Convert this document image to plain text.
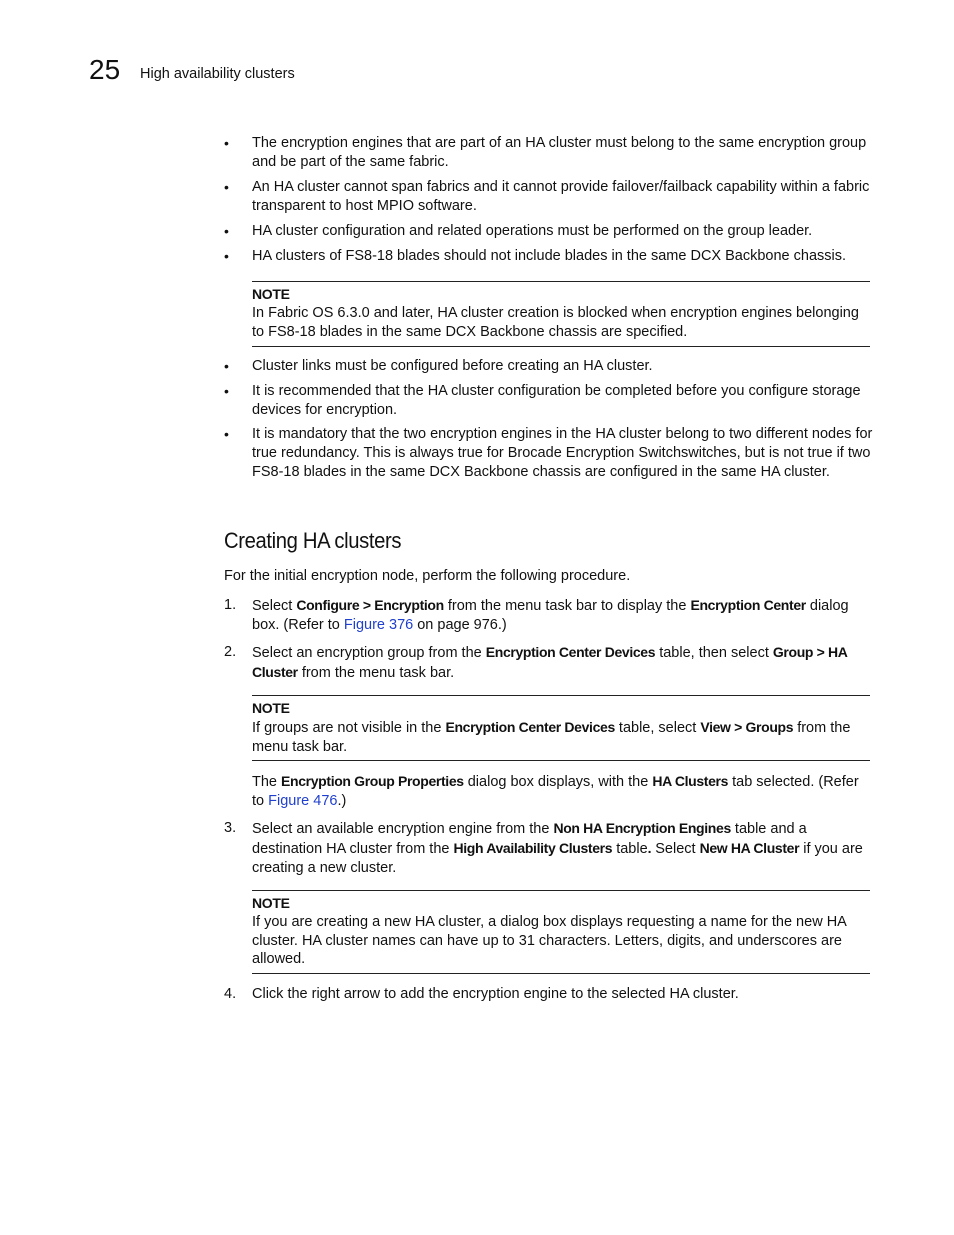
25 High availability clusters
•	The encryption engines that are part of an HA cluster must belong to the same encryption group and be part of the same fabric.
•	An HA cluster cannot span fabrics and it cannot provide failover/failback capability within a fabric transparent to host MPIO software.
•	HA cluster configuration and related operations must be performed on the group leader.
•	HA clusters of FS8-18 blades should not include blades in the same DCX Backbone chassis.
NOTE
In Fabric OS 6.3.0 and later, HA cluster creation is blocked when encryption engines belonging to FS8-18 blades in the same DCX Backbone chassis are specified.
•	Cluster links must be configured before creating an HA cluster.
•	It is recommended that the HA cluster configuration be completed before you configure storage devices for encryption.
•	It is mandatory that the two encryption engines in the HA cluster belong to two different nodes for true redundancy. This is always true for Brocade Encryption Switchswitches, but is not true if two FS8-18 blades in the same DCX Backbone chassis are configured in the same HA cluster.
Creating HA clusters
For the initial encryption node, perform the following procedure.
1. Select Configure > Encryption from the menu task bar to display the Encryption Center dialog box. (Refer to Figure 376 on page 976.)
2. Select an encryption group from the Encryption Center Devices table, then select Group > HA Cluster from the menu task bar.
NOTE
If groups are not visible in the Encryption Center Devices table, select View > Groups from the menu task bar.
The Encryption Group Properties dialog box displays, with the HA Clusters tab selected. (Refer to Figure 476.)
3. Select an available encryption engine from the Non HA Encryption Engines table and a destination HA cluster from the High Availability Clusters table. Select New HA Cluster if you are creating a new cluster.
NOTE
If you are creating a new HA cluster, a dialog box displays requesting a name for the new HA cluster. HA cluster names can have up to 31 characters. Letters, digits, and underscores are allowed.
4. Click the right arrow to add the encryption engine to the selected HA cluster.
